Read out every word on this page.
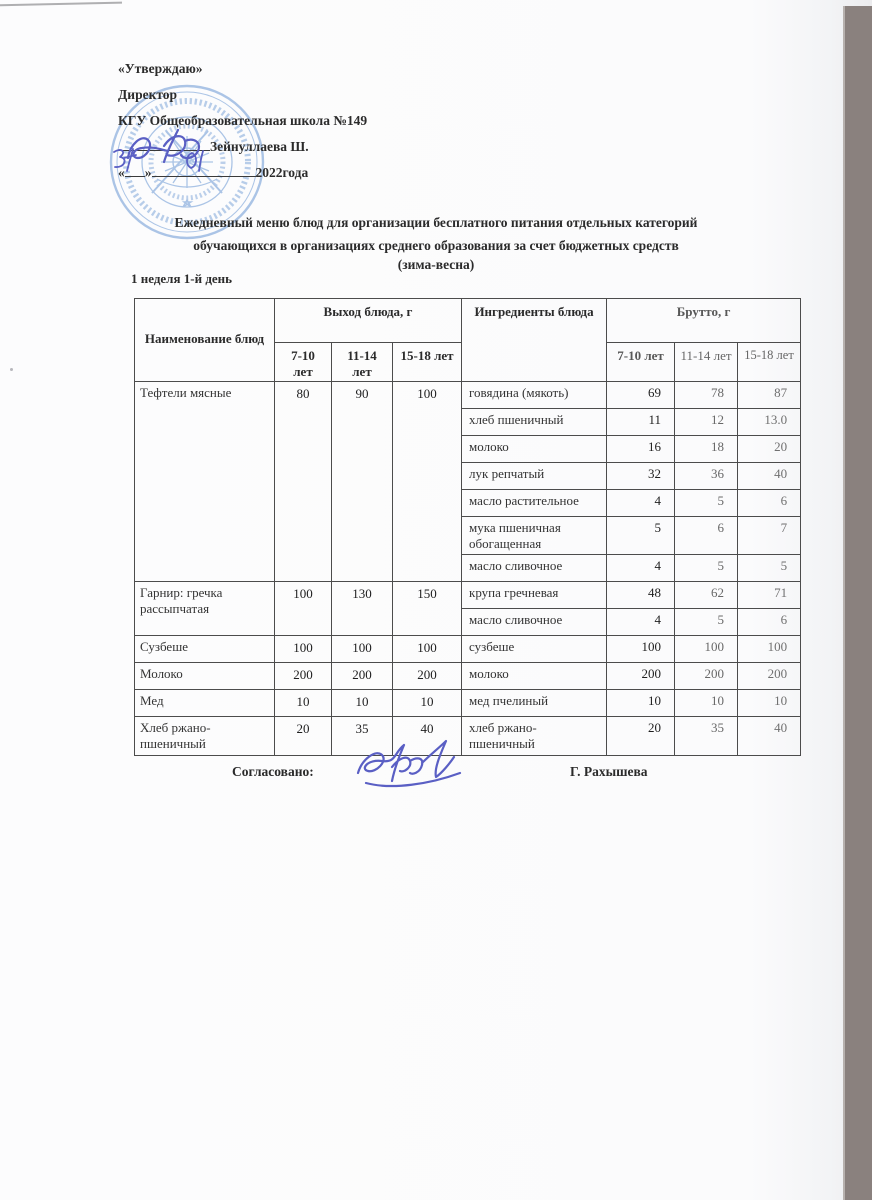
«Утверждаю»
Директор
КГУ Общеобразовательная школа №149
Зейнуллаева Ш.
« »	2022года
Ежедневный меню блюд для организации бесплатного питания отдельных категорий
обучающихся в организациях среднего образования за счет бюджетных средств
(зима-весна)
1 неделя 1-й день
Наименование блюд	Выход блюда, г			Ингредиенты блюда	Брутто, г		
	7-10 лет	11-14 лет	15-18 лет		7-10 лет	11-14 лет	15-18 лет
Тефтели мясные	80	90	100	говядина (мякоть)	69	78	87
				хлеб пшеничный	11	12	13.0
				молоко	16	18	20
				лук репчатый	32	36	40
				масло растительное	4	5	6
				мука пшеничная обогащенная	5	6	7
				масло сливочное	4	5	5
Гарнир: гречка рассыпчатая	100	130	150	крупа гречневая	48	62	71
				масло сливочное	4	5	6
Сузбеше	100	100	100	сузбеше	100	100	100
Молоко	200	200	200	молоко	200	200	200
Мед	10	10	10	мед пчелиный	10	10	10
Хлеб ржано-пшеничный	20	35	40	хлеб ржано-пшеничный	20	35	40
Согласовано:	Г. Рахышева
